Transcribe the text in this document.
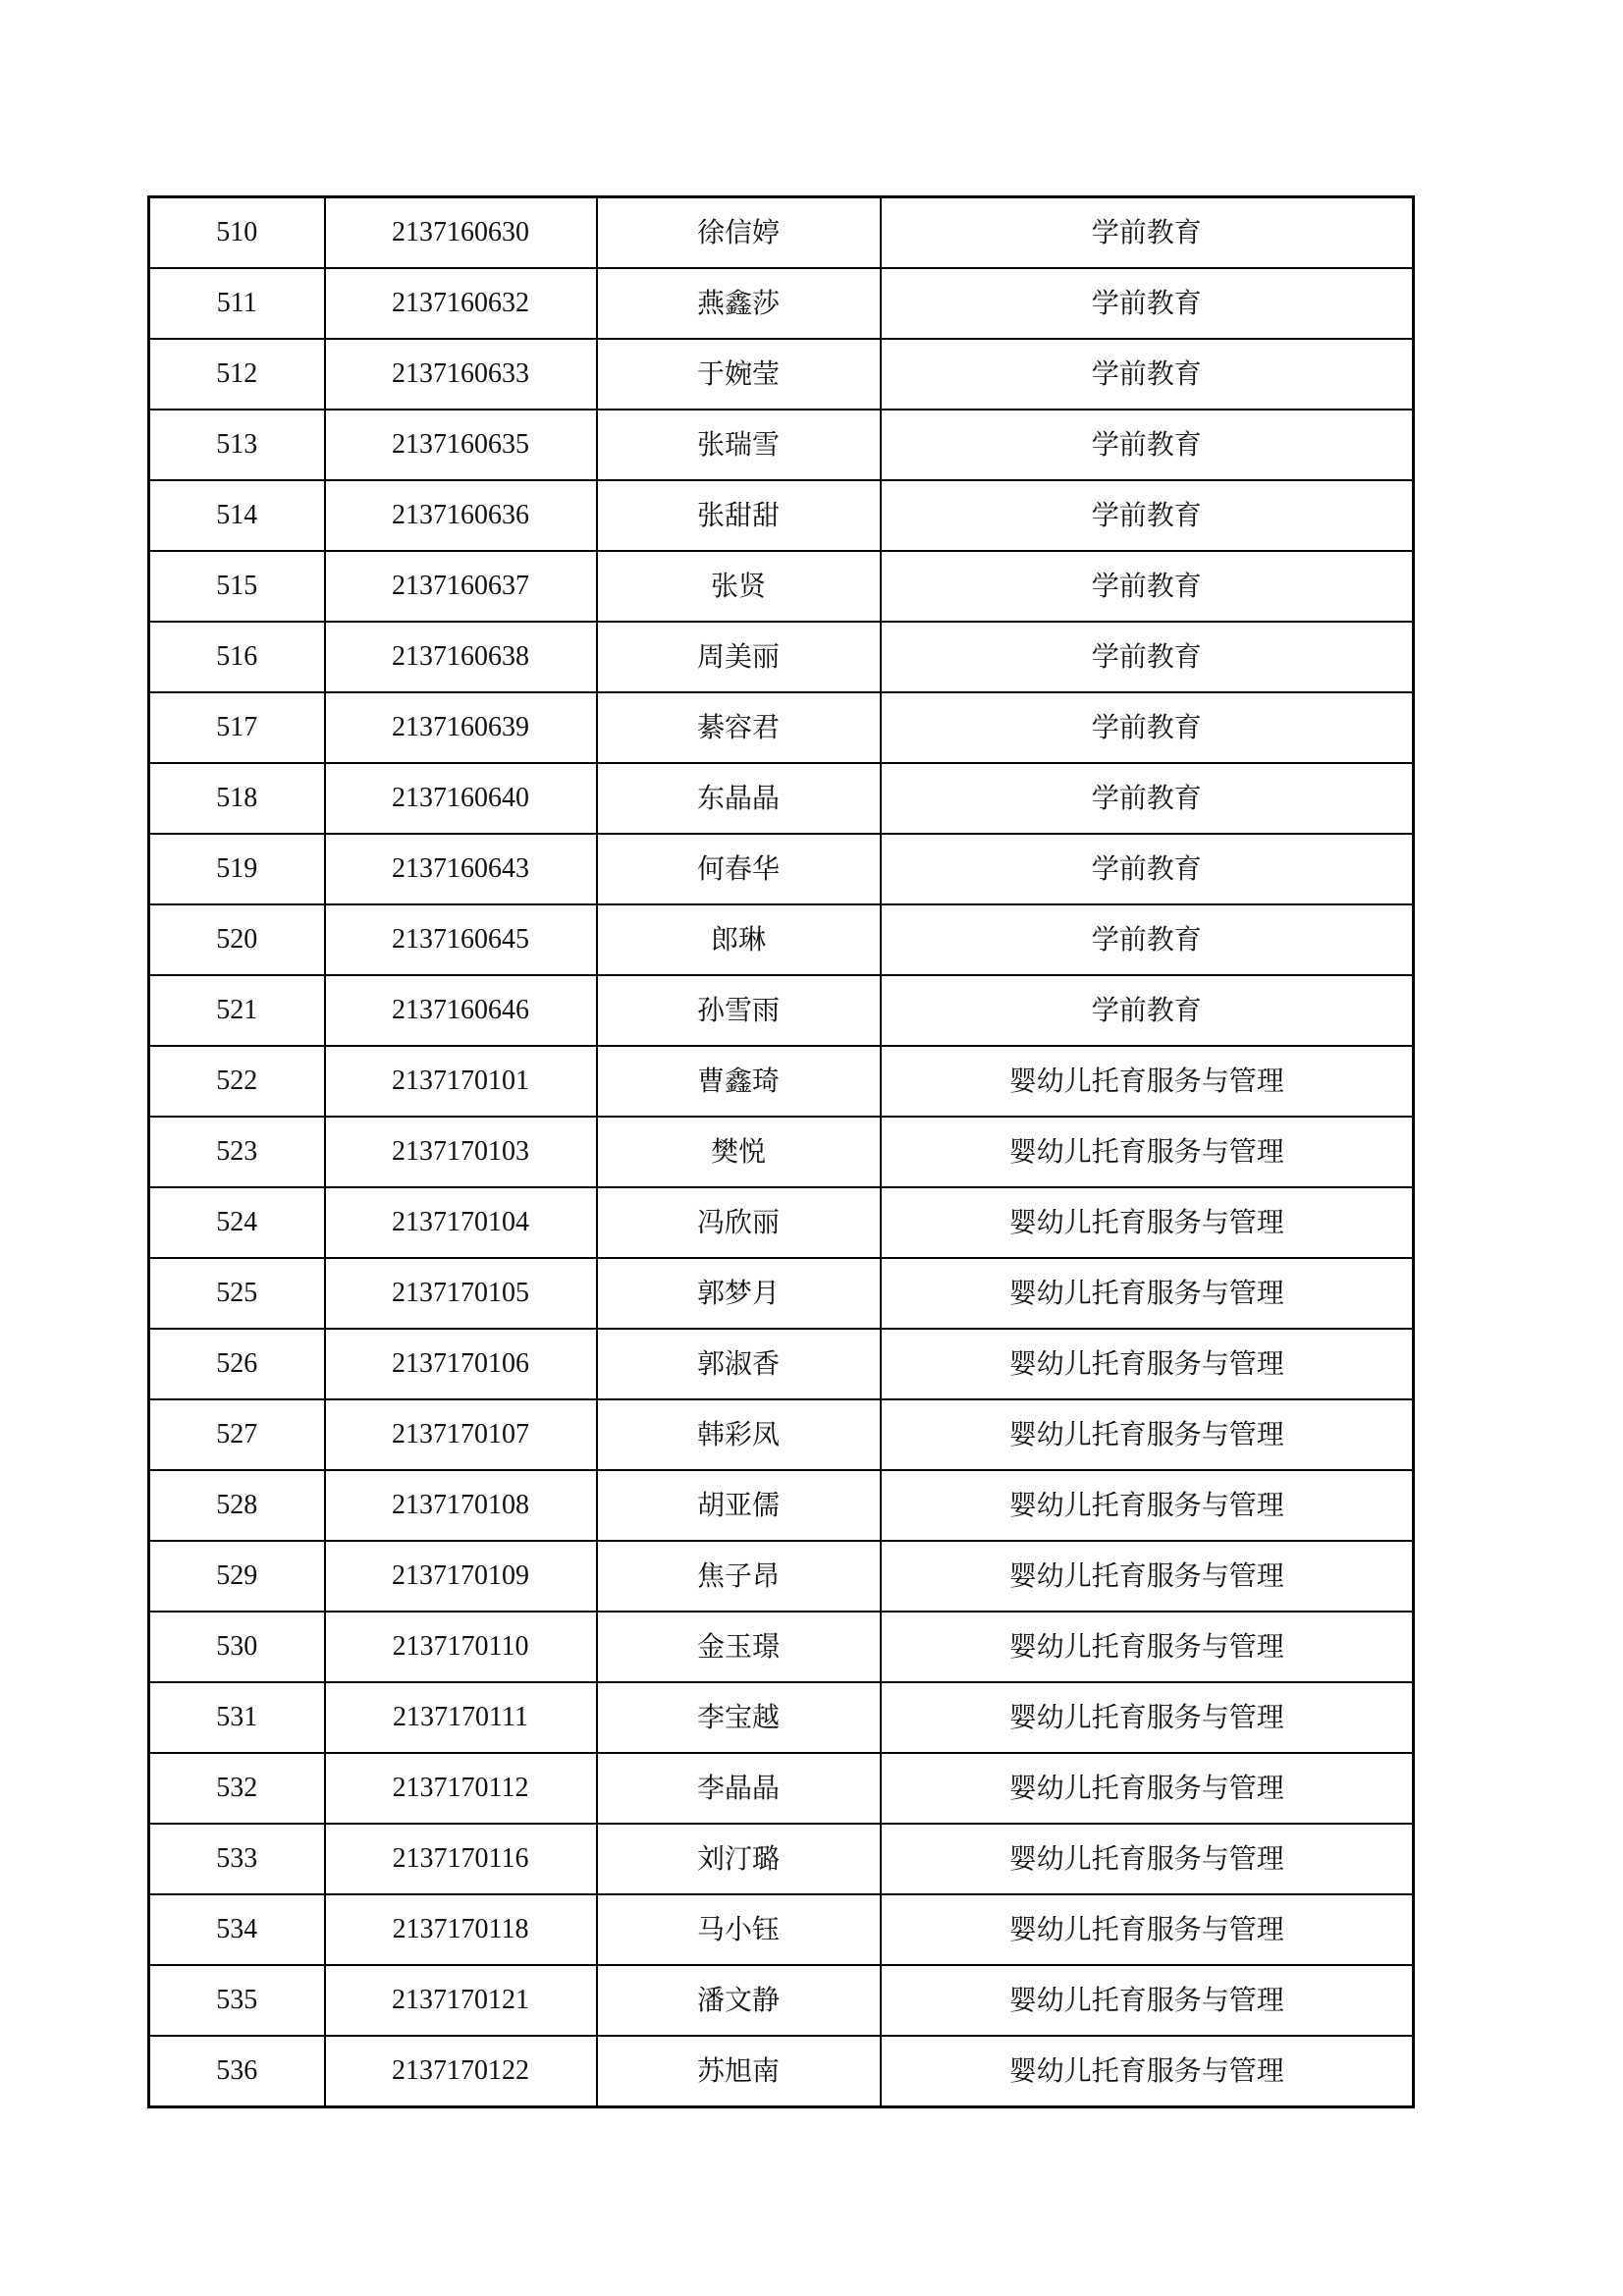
510	2137160630	徐信婷	学前教育
511	2137160632	燕鑫莎	学前教育
512	2137160633	于婉莹	学前教育
513	2137160635	张瑞雪	学前教育
514	2137160636	张甜甜	学前教育
515	2137160637	张贤	学前教育
516	2137160638	周美丽	学前教育
517	2137160639	綦容君	学前教育
518	2137160640	东晶晶	学前教育
519	2137160643	何春华	学前教育
520	2137160645	郎琳	学前教育
521	2137160646	孙雪雨	学前教育
522	2137170101	曹鑫琦	婴幼儿托育服务与管理
523	2137170103	樊悦	婴幼儿托育服务与管理
524	2137170104	冯欣丽	婴幼儿托育服务与管理
525	2137170105	郭梦月	婴幼儿托育服务与管理
526	2137170106	郭淑香	婴幼儿托育服务与管理
527	2137170107	韩彩凤	婴幼儿托育服务与管理
528	2137170108	胡亚儒	婴幼儿托育服务与管理
529	2137170109	焦子昂	婴幼儿托育服务与管理
530	2137170110	金玉璟	婴幼儿托育服务与管理
531	2137170111	李宝越	婴幼儿托育服务与管理
532	2137170112	李晶晶	婴幼儿托育服务与管理
533	2137170116	刘汀璐	婴幼儿托育服务与管理
534	2137170118	马小钰	婴幼儿托育服务与管理
535	2137170121	潘文静	婴幼儿托育服务与管理
536	2137170122	苏旭南	婴幼儿托育服务与管理
